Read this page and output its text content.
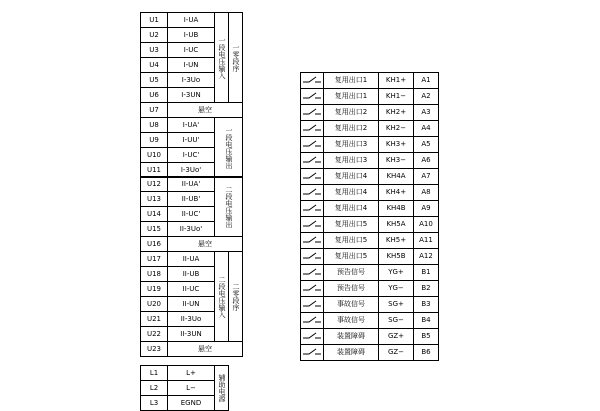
U1	I-UA	一段电压输入	一零段序
U2	I-UB		
U3	I-UC		
U4	I-UN		
U5	I-3Uo		
U6	I-3UN		
U7	悬空		
U8	I-UA'	一段电压输出	
U9	I-UU'		
U10	I-UC'		
U11	I-3Uo'		
U12	II-UA'	二段电压输出	
U13	II-UB'		
U14	II-UC'		
U15	II-3Uo'		
U16	悬空		
U17	II-UA	二段电压输入	二零段序
U18	II-UB		
U19	II-UC		
U20	II-UN		
U21	II-3Uo		
U22	II-3UN		
U23	悬空		
L1	L+	辅助电源
L2	L−	
L3	EGND	
	复用出口1	KH1+	A1
	复用出口1	KH1−	A2
	复用出口2	KH2+	A3
	复用出口2	KH2−	A4
	复用出口3	KH3+	A5
	复用出口3	KH3−	A6
	复用出口4	KH4A	A7
	复用出口4	KH4+	A8
	复用出口4	KH4B	A9
	复用出口5	KH5A	A10
	复用出口5	KH5+	A11
	复用出口5	KH5B	A12
	预告信号	YG+	B1
	预告信号	YG−	B2
	事故信号	SG+	B3
	事故信号	SG−	B4
	装置障碍	GZ+	B5
	装置障碍	GZ−	B6
